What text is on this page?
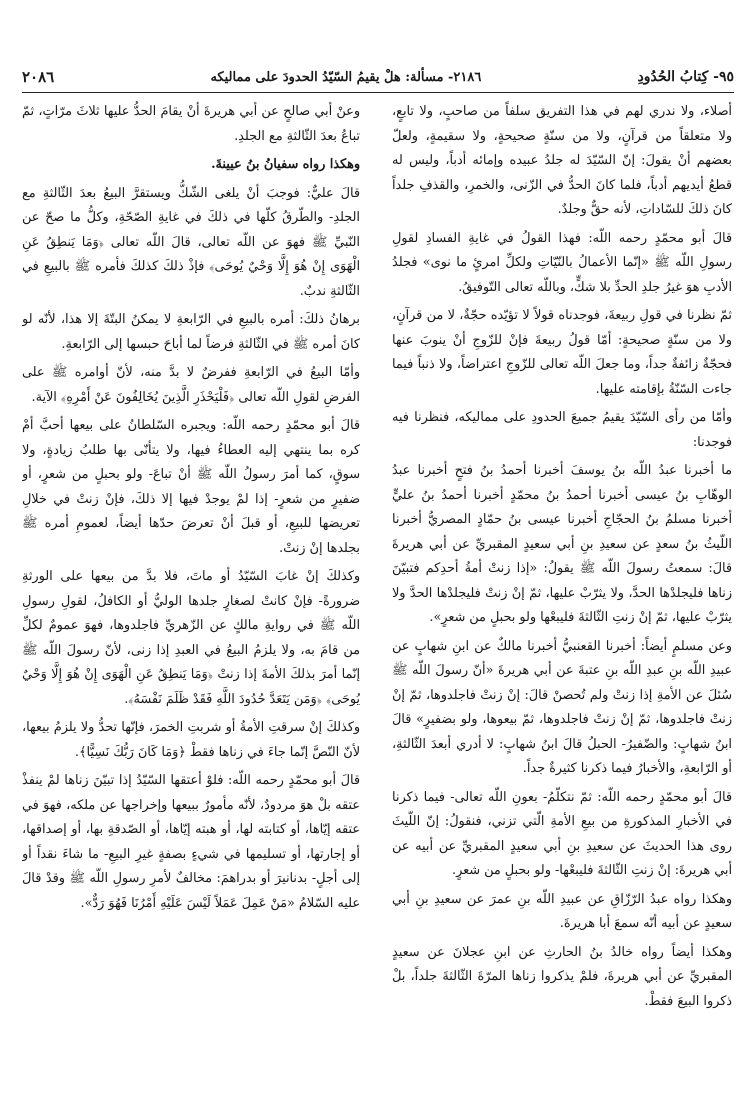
٩٥- كِتابُ الحُدُودِ
٢١٨٦- مسألة: هلْ يقيمُ السّيّدُ الحدودَ على مماليكه
٢٠٨٦

أصلاء، ولا ندري لهم في هذا التفريق سلفاً من صاحبٍ، ولا تابعٍ، ولا متعلقاً من قرآنٍ، ولا من سنّةٍ صحيحةٍ، ولا سقيمةٍ، ولعلّ بعضهم أنْ يقولَ: إنّ السّيّدَ له جلدُ عبيده وإمائه أدباً، وليس له قطعُ أيديهم أدباً، فلما كانَ الحدُّ في الزّنى، والخمرِ، والقذفِ جلداً كانَ ذلكَ للسّاداتِ، لأنه حقٌّ وجلدٌ.

قالَ أبو محمّدٍ رحمه اللّه: فهذا القولُ في غايةِ الفسادِ لقولِ رسولِ اللّه ﷺ «إنّما الأعمالُ بالنّيّاتِ ولكلِّ امرئٍ ما نوى» فجلدُ الأدبِ هوَ غيرُ جلدِ الحدِّ بلا شكٍّ، وباللّه تعالى التّوفيقُ.

ثمّ نظرنا في قولِ ربيعةَ، فوجدناه قولاً لا تؤيّده حجّةٌ، لا من قرآنٍ، ولا من سنّةٍ صحيحةٍ: أمّا قولُ ربيعةَ فإنْ للزّوجِ أنْ ينوبَ عنها فحجّةٌ زائفةٌ جداً، وما جعلَ اللّه تعالى للزّوجِ اعتراضاً، ولا ذنباً فيما جاءت السّنّةُ بإقامته عليها.

وأمّا من رأى السّيّدَ يقيمُ جميعَ الحدودِ على مماليكه، فنظرنا فيه فوجدنا:

ما أخبرنا عبدُ اللّه بنُ يوسفَ أخبرنا أحمدُ بنُ فتحٍ أخبرنا عبدُ الوهّابِ بنُ عيسى أخبرنا أحمدُ بنُ محمّدٍ أخبرنا أحمدُ بنُ عليٍّ أخبرنا مسلمُ بنُ الحجّاجِ أخبرنا عيسى بنُ حمّادٍ المصريُّ أخبرنا اللّيثُ بنُ سعدٍ عن سعيدِ بنِ أبي سعيدٍ المقبريِّ عن أبي هريرةَ قالَ: سمعتُ رسولَ اللّه ﷺ يقولُ: «إذا زنتْ أمةُ أحدِكم فتبيّنَ زناها فليجلدْها الحدَّ، ولا يثرّبْ عليها، ثمّ إنْ زنتْ فليجلدْها الحدَّ ولا يثرّبْ عليها، ثمّ إنْ زنتِ الثّالثةَ فليبعْها ولو بحبلٍ من شعرٍ».

وعن مسلمٍ أيضاً: أخبرنا القعنبيُّ أخبرنا مالكٌ عن ابنِ شهابٍ عن عبيدِ اللّه بنِ عبدِ اللّه بنِ عتبةَ عن أبي هريرةَ «أنّ رسولَ اللّه ﷺ سُئلَ عن الأمةِ إذا زنتْ ولم تُحصنْ قالَ: إنْ زنتْ فاجلدوها، ثمّ إنْ زنتْ فاجلدوها، ثمّ إنْ زنتْ فاجلدوها، ثمّ بيعوها، ولو بضفيرٍ» قالَ ابنُ شهابٍ: والضّفيرُ- الحبلُ قالَ ابنُ شهابٍ: لا أدري أبعدَ الثّالثةِ، أو الرّابعةِ، والأخبارُ فيما ذكرنا كثيرةٌ جداً.

قالَ أبو محمّدٍ رحمه اللّه: ثمّ نتكلّمُ- بعونِ اللّه تعالى- فيما ذكرنا في الأخبارِ المذكورةِ من بيعِ الأمةِ الّتي تزني، فنقولُ: إنّ اللّيثَ روى هذا الحديثَ عن سعيدِ بنِ أبي سعيدٍ المقبريِّ عن أبيه عن أبي هريرةَ: إنْ زنتِ الثّالثةَ فليبعْها- ولو بحبلٍ من شعرٍ.

وهكذا رواه عبدُ الرّزّاقِ عن عبيدِ اللّه بنِ عمرَ عن سعيدِ بنِ أبي سعيدٍ عن أبيه أنّه سمعَ أبا هريرةَ.

وهكذا أيضاً رواه خالدُ بنُ الحارثِ عن ابنِ عجلانَ عن سعيدٍ المقبريِّ عن أبي هريرةَ، فلمْ يذكروا زناها المرّةَ الثّالثةَ جلداً، بلْ ذكروا البيعَ فقطْ.

وعنْ أبي صالحٍ عن أبي هريرةَ أنْ يقامَ الحدُّ عليها ثلاثَ مرّاتٍ، ثمّ تباعُ بعدَ الثّالثةِ مع الجلدِ.

وهكذا رواه سفيانُ بنُ عيينةَ.

قالَ عليٌّ: فوجبَ أنْ يلغى الشّكُّ ويستقرَّ البيعُ بعدَ الثّالثةِ مع الجلدِ- والطّرقُ كلّها في ذلكَ في غايةِ الصّحّةِ، وكلُّ ما صحّ عن النّبيِّ ﷺ فهوَ عن اللّه تعالى، قالَ اللّه تعالى ﴿وَمَا يَنطِقُ عَنِ الْهَوَى إِنْ هُوَ إِلَّا وَحْيٌ يُوحَى﴾ فإذْ ذلكَ كذلكَ فأمره ﷺ بالبيعِ في الثّالثةِ ندبٌ.

برهانُ ذلكَ: أمره بالبيعِ في الرّابعةِ لا يمكنُ البتّةَ إلا هذا، لأنّه لو كانَ أمره ﷺ في الثّالثةِ فرضاً لما أباحَ حبسها إلى الرّابعةِ.

وأمّا البيعُ في الرّابعةِ ففرضٌ لا بدَّ منه، لأنّ أوامره ﷺ على الفرضِ لقولِ اللّه تعالى ﴿فَلْيَحْذَرِ الَّذِينَ يُخَالِفُونَ عَنْ أَمْرِهِ﴾ الآية.

قالَ أبو محمّدٍ رحمه اللّه: ويجبره السّلطانُ على بيعها أحبَّ أمْ كره بما ينتهي إليه العطاءُ فيها، ولا يتأنّى بها طلبُ زيادةٍ، ولا سوقٍ، كما أمرَ رسولُ اللّه ﷺ أنْ تباعَ- ولو بحبلٍ من شعرٍ، أو ضفيرٍ من شعرٍ- إذا لمْ يوجدْ فيها إلا ذلكَ، فإنْ زنتْ في خلالِ تعريضها للبيعِ، أو قبلَ أنْ تعرضَ حدّها أيضاً، لعمومِ أمره ﷺ بجلدها إنْ زنتْ.

وكذلكَ إنْ غابَ السّيّدُ أو ماتَ، فلا بدَّ من بيعها على الورثةِ ضرورةً- فإنْ كانتْ لصغارٍ جلدها الوليُّ أو الكافلُ، لقولِ رسولِ اللّه ﷺ في روايةِ مالكٍ عن الزّهريِّ فاجلدوها، فهوَ عمومٌ لكلِّ من قامَ به، ولا يلزمُ البيعُ في العبدِ إذا زنى، لأنّ رسولَ اللّه ﷺ إنّما أمرَ بذلكَ الأمةَ إذا زنتْ ﴿وَمَا يَنطِقُ عَنِ الْهَوَى إِنْ هُوَ إِلَّا وَحْيٌ يُوحَى﴾ ﴿وَمَن يَتَعَدَّ حُدُودَ اللَّهِ فَقَدْ ظَلَمَ نَفْسَهُ﴾.

وكذلكَ إنْ سرقتِ الأمةُ أو شربتِ الخمرَ، فإنّها تحدُّ ولا يلزمُ بيعها، لأنّ النّصَّ إنّما جاءَ في زناها فقطْ ﴿وَمَا كَانَ رَبُّكَ نَسِيًّا﴾.

قالَ أبو محمّدٍ رحمه اللّه: فلوْ أعتقها السّيّدُ إذا تبيّنَ زناها لمْ ينفذْ عتقه بلْ هوَ مردودٌ، لأنّه مأمورٌ ببيعها وإخراجها عن ملكه، فهوَ في عتقه إيّاها، أو كتابته لها، أو هبته إيّاها، أو الصّدقةِ بها، أو إصداقها، أو إجارتها، أو تسليمها في شيءٍ بصفةٍ غيرِ البيعِ- ما شاءَ نقداً أو إلى أجلٍ- بدنانيرَ أو بدراهمَ: مخالفٌ لأمرِ رسولِ اللّه ﷺ وقدْ قالَ عليه السّلامُ «مَنْ عَمِلَ عَمَلاً لَيْسَ عَلَيْهِ أَمْرُنَا فَهُوَ رَدٌّ».
